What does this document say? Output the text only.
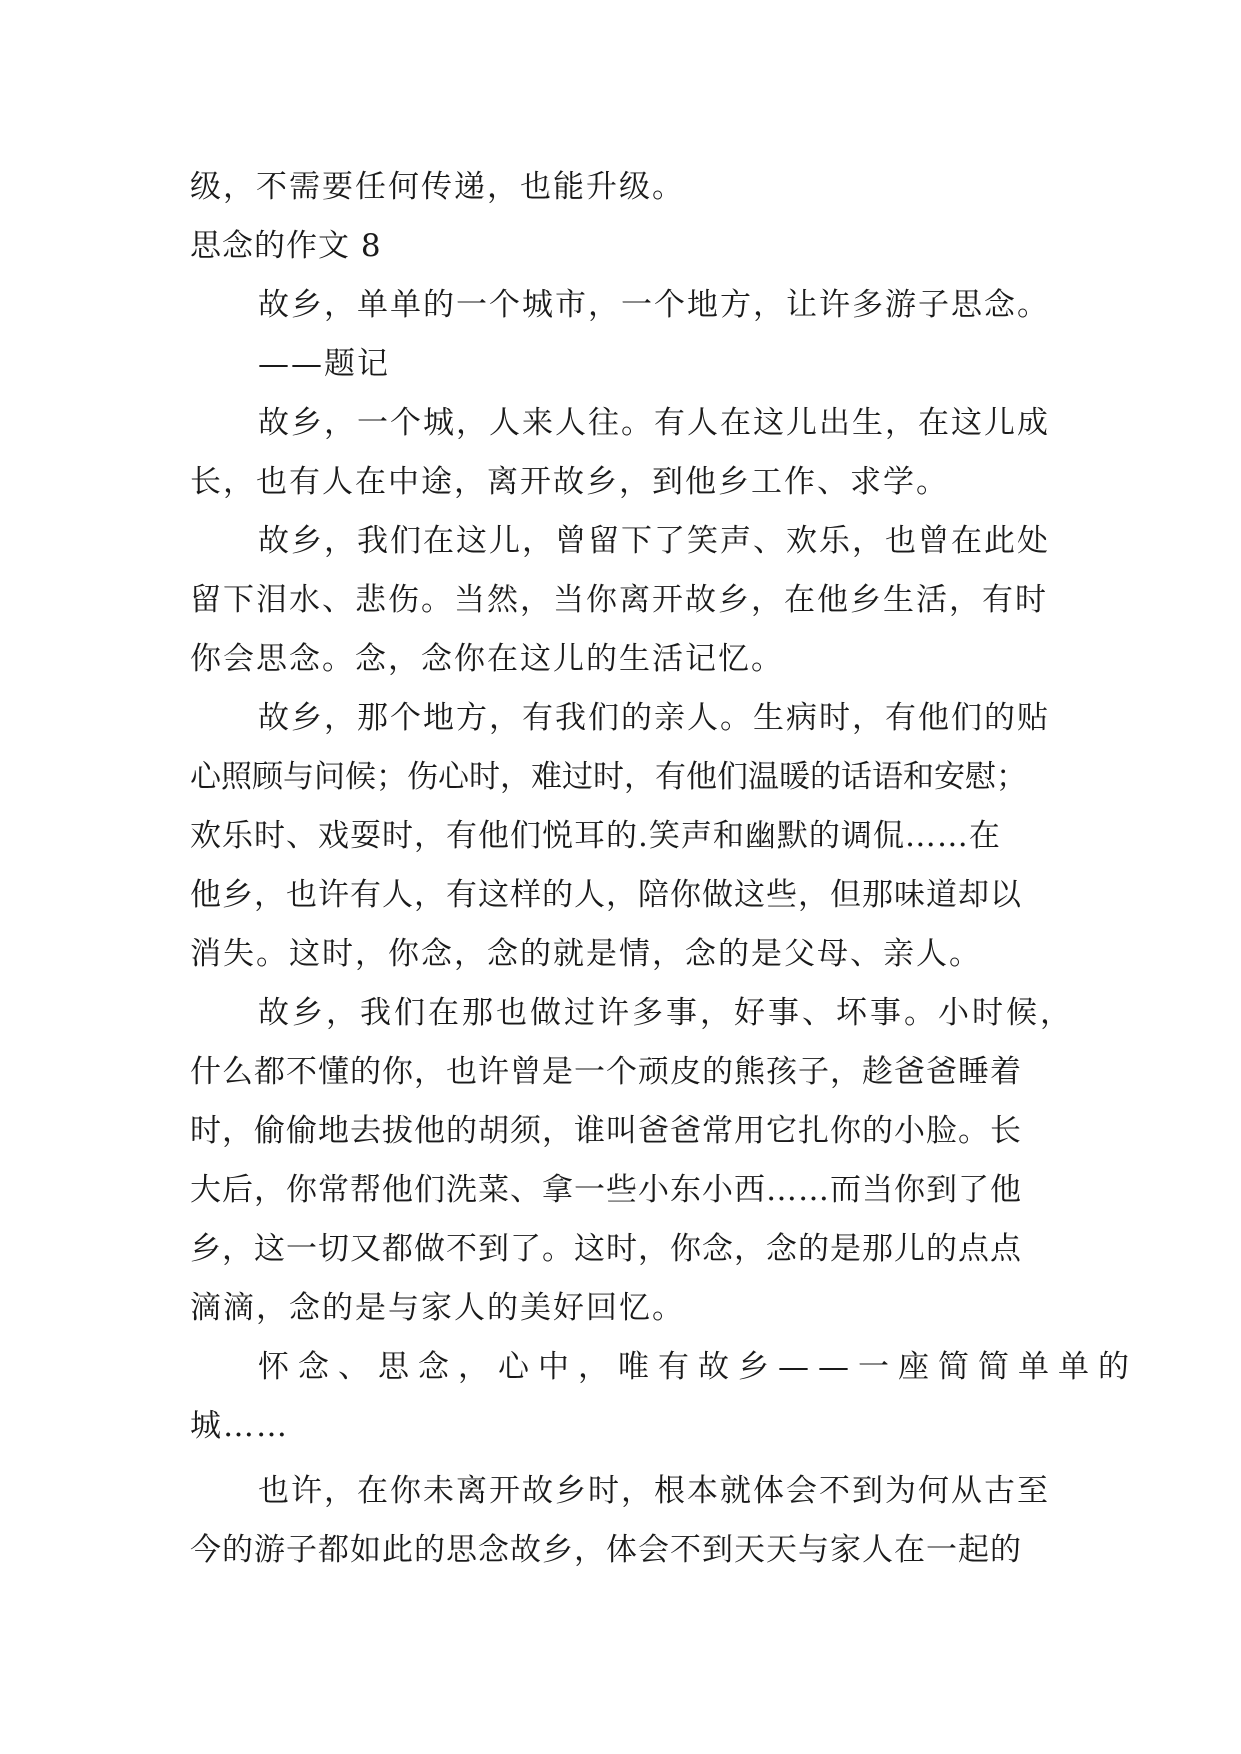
级，不需要任何传递，也能升级。
思念的作文 8
故乡，单单的一个城市，一个地方，让许多游子思念。
——题记
故乡，一个城，人来人往。有人在这儿出生，在这儿成
长，也有人在中途，离开故乡，到他乡工作、求学。
故乡，我们在这儿，曾留下了笑声、欢乐，也曾在此处
留下泪水、悲伤。当然，当你离开故乡，在他乡生活，有时
你会思念。念，念你在这儿的生活记忆。
故乡，那个地方，有我们的亲人。生病时，有他们的贴
心照顾与问候；伤心时，难过时，有他们温暖的话语和安慰；
欢乐时、戏耍时，有他们悦耳的.笑声和幽默的调侃……在
他乡，也许有人，有这样的人，陪你做这些，但那味道却以
消失。这时，你念，念的就是情，念的是父母、亲人。
故乡，我们在那也做过许多事，好事、坏事。小时候，
什么都不懂的你，也许曾是一个顽皮的熊孩子，趁爸爸睡着
时，偷偷地去拔他的胡须，谁叫爸爸常用它扎你的小脸。长
大后，你常帮他们洗菜、拿一些小东小西……而当你到了他
乡，这一切又都做不到了。这时，你念，念的是那儿的点点
滴滴，念的是与家人的美好回忆。
怀念、思念，心中，唯有故乡——一座简简单单的
城……
也许，在你未离开故乡时，根本就体会不到为何从古至
今的游子都如此的思念故乡，体会不到天天与家人在一起的
